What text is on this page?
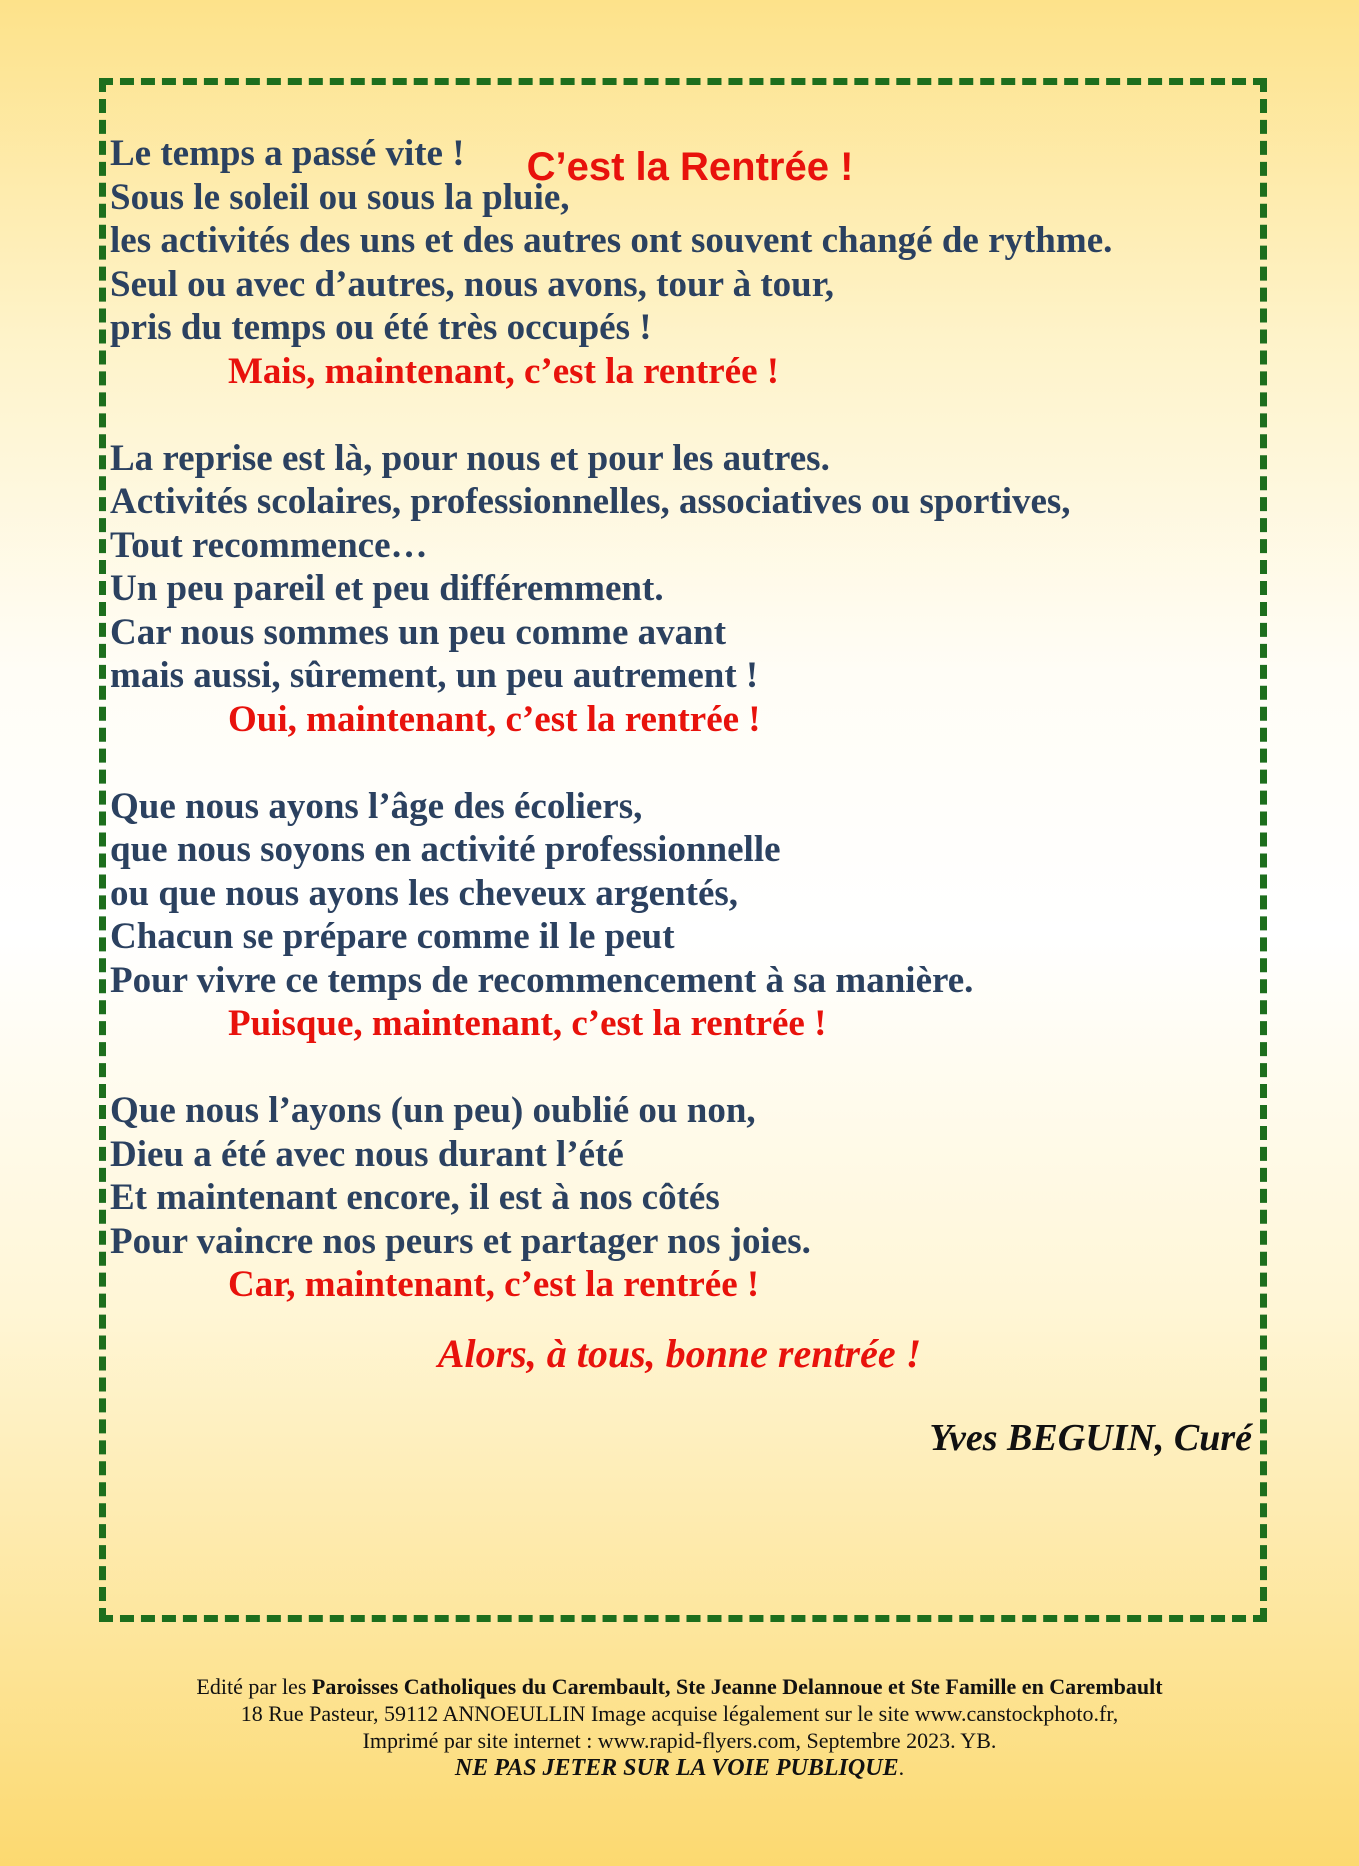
C’est la Rentrée !
Le temps a passé vite !
Sous le soleil ou sous la pluie,
les activités des uns et des autres ont souvent changé de rythme.
Seul ou avec d’autres, nous avons, tour à tour,
pris du temps ou été très occupés !
Mais, maintenant, c’est la rentrée !
La reprise est là, pour nous et pour les autres.
Activités scolaires, professionnelles, associatives ou sportives,
Tout recommence…
Un peu pareil et peu différemment.
Car nous sommes un peu comme avant
mais aussi, sûrement, un peu autrement !
Oui, maintenant, c’est la rentrée !
Que nous ayons l’âge des écoliers,
que nous soyons en activité professionnelle
ou que nous ayons les cheveux argentés,
Chacun se prépare comme il le peut
Pour vivre ce temps de recommencement à sa manière.
Puisque, maintenant, c’est la rentrée !
Que nous l’ayons (un peu) oublié ou non,
Dieu a été avec nous durant l’été
Et maintenant encore, il est à nos côtés
Pour vaincre nos peurs et partager nos joies.
Car, maintenant, c’est la rentrée !
Alors, à tous, bonne rentrée !
Yves BEGUIN, Curé
Edité par les Paroisses Catholiques du Carembault, Ste Jeanne Delannoue et Ste Famille en Carembault
18 Rue Pasteur, 59112 ANNOEULLIN Image acquise légalement sur le site www.canstockphoto.fr,
Imprimé par site internet : www.rapid-flyers.com, Septembre 2023. YB.
NE PAS JETER SUR LA VOIE PUBLIQUE.
